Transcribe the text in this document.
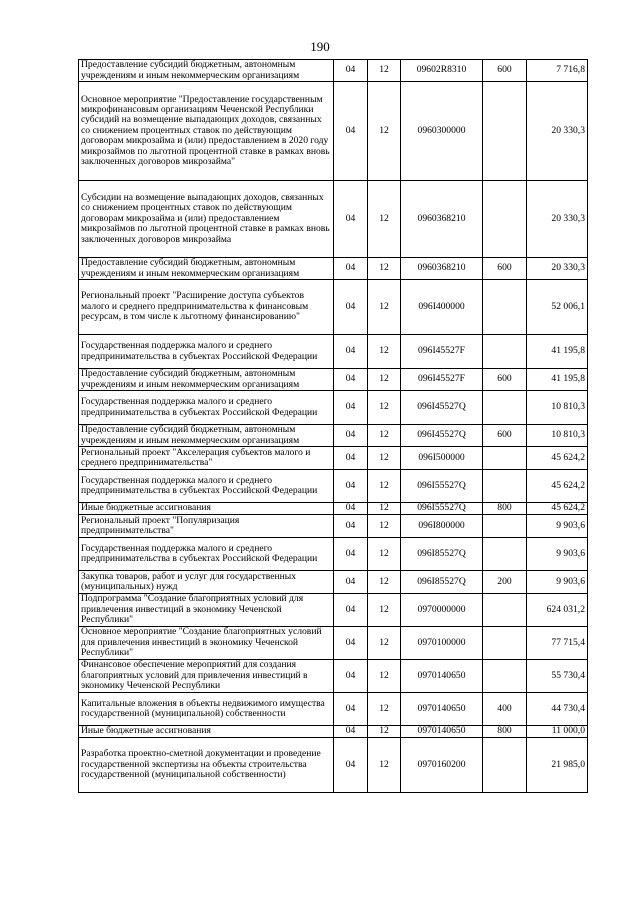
190
Предоставление субсидий бюджетным, автономным учреждениям и иным некоммерческим организациям	04	12	09602R8310	600	7 716,8
Основное мероприятие "Предоставление государственным микрофинансовым организациям Чеченской Республики субсидий на возмещение выпадающих доходов, связанных со снижением процентных ставок по действующим договорам микрозайма и (или) предоставлением в 2020 году микрозаймов по льготной процентной ставке в рамках вновь заключенных договоров микрозайма"	04	12	0960300000		20 330,3
Субсидии на возмещение выпадающих доходов, связанных со снижением процентных ставок по действующим договорам микрозайма и (или) предоставлением микрозаймов по льготной процентной ставке в рамках вновь заключенных договоров микрозайма	04	12	0960368210		20 330,3
Предоставление субсидий бюджетным, автономным учреждениям и иным некоммерческим организациям	04	12	0960368210	600	20 330,3
Региональный проект "Расширение доступа субъектов малого и среднего предпринимательства к финансовым ресурсам, в том числе к льготному финансированию"	04	12	096I400000		52 006,1
Государственная поддержка малого и среднего предпринимательства в субъектах Российской Федерации	04	12	096I45527F		41 195,8
Предоставление субсидий бюджетным, автономным учреждениям и иным некоммерческим организациям	04	12	096I45527F	600	41 195,8
Государственная поддержка малого и среднего предпринимательства в субъектах Российской Федерации	04	12	096I45527Q		10 810,3
Предоставление субсидий бюджетным, автономным учреждениям и иным некоммерческим организациям	04	12	096I45527Q	600	10 810,3
Региональный проект "Акселерация субъектов малого и среднего предпринимательства"	04	12	096I500000		45 624,2
Государственная поддержка малого и среднего предпринимательства в субъектах Российской Федерации	04	12	096I55527Q		45 624,2
Иные бюджетные ассигнования	04	12	096I55527Q	800	45 624,2
Региональный проект "Популяризация предпринимательства"	04	12	096I800000		9 903,6
Государственная поддержка малого и среднего предпринимательства в субъектах Российской Федерации	04	12	096I85527Q		9 903,6
Закупка товаров, работ и услуг для государственных (муниципальных) нужд	04	12	096I85527Q	200	9 903,6
Подпрограмма "Создание благоприятных условий для привлечения инвестиций в экономику Чеченской Республики"	04	12	0970000000		624 031,2
Основное мероприятие "Создание благоприятных условий для привлечения инвестиций в экономику Чеченской Республики"	04	12	0970100000		77 715,4
Финансовое обеспечение мероприятий для создания благоприятных условий для привлечения инвестиций в экономику Чеченской Республики	04	12	0970140650		55 730,4
Капитальные вложения в объекты недвижимого имущества государственной (муниципальной) собственности	04	12	0970140650	400	44 730,4
Иные бюджетные ассигнования	04	12	0970140650	800	11 000,0
Разработка проектно-сметной документации и проведение государственной экспертизы на объекты строительства государственной (муниципальной собственности)	04	12	0970160200		21 985,0
